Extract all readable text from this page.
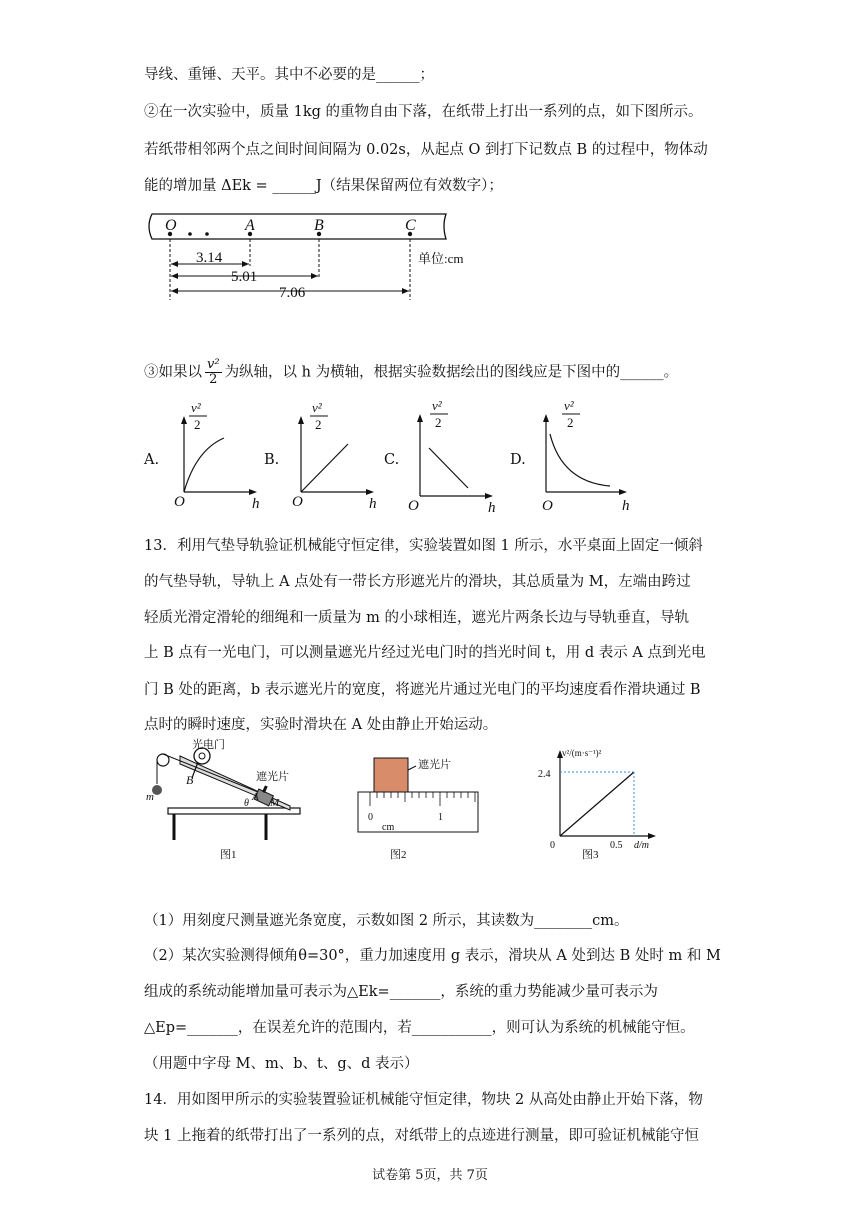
导线、重锤、天平。其中不必要的是______；
②在一次实验中，质量 1kg 的重物自由下落，在纸带上打出一系列的点，如下图所示。
若纸带相邻两个点之间时间间隔为 0.02s，从起点 O 到打下记数点 B 的过程中，物体动
能的增加量 ΔEk = ______J（结果保留两位有效数字）；
O	A	B	C
3.14
5.01
7.06
单位:cm
③如果以 $\frac{\text{v²}}{2}$ 为纵轴，以 h 为横轴，根据实验数据绘出的图线应是下图中的______。
A.	B.	C.	D.
v²
2
O	h
v²
2
O	h
v²
2
O	h
v²
2
O	h
13．利用气垫导轨验证机械能守恒定律，实验装置如图 1 所示，水平桌面上固定一倾斜
的气垫导轨，导轨上 A 点处有一带长方形遮光片的滑块，其总质量为 M，左端由跨过
轻质光滑定滑轮的细绳和一质量为 m 的小球相连，遮光片两条长边与导轨垂直，导轨
上 B 点有一光电门，可以测量遮光片经过光电门时的挡光时间 t，用 d 表示 A 点到光电
门 B 处的距离，b 表示遮光片的宽度，将遮光片通过光电门的平均速度看作滑块通过 B
点时的瞬时速度，实验时滑块在 A 处由静止开始运动。
光电门
遮光片
B
A
θ M
m
图1
遮光片
0	1
cm
图2
v²/(m·s⁻¹)²
d/m
2.4
0.5
0
图3
（1）用刻度尺测量遮光条宽度，示数如图 2 所示，其读数为________cm。
（2）某次实验测得倾角θ=30°，重力加速度用 g 表示，滑块从 A 处到达 B 处时 m 和 M
组成的系统动能增加量可表示为△Ek=_______，系统的重力势能减少量可表示为
△Ep=_______，在误差允许的范围内，若___________，则可认为系统的机械能守恒。
（用题中字母 M、m、b、t、g、d 表示）
14．用如图甲所示的实验装置验证机械能守恒定律，物块 2 从高处由静止开始下落，物
块 1 上拖着的纸带打出了一系列的点，对纸带上的点迹进行测量，即可验证机械能守恒
试卷第 5页，共 7页
